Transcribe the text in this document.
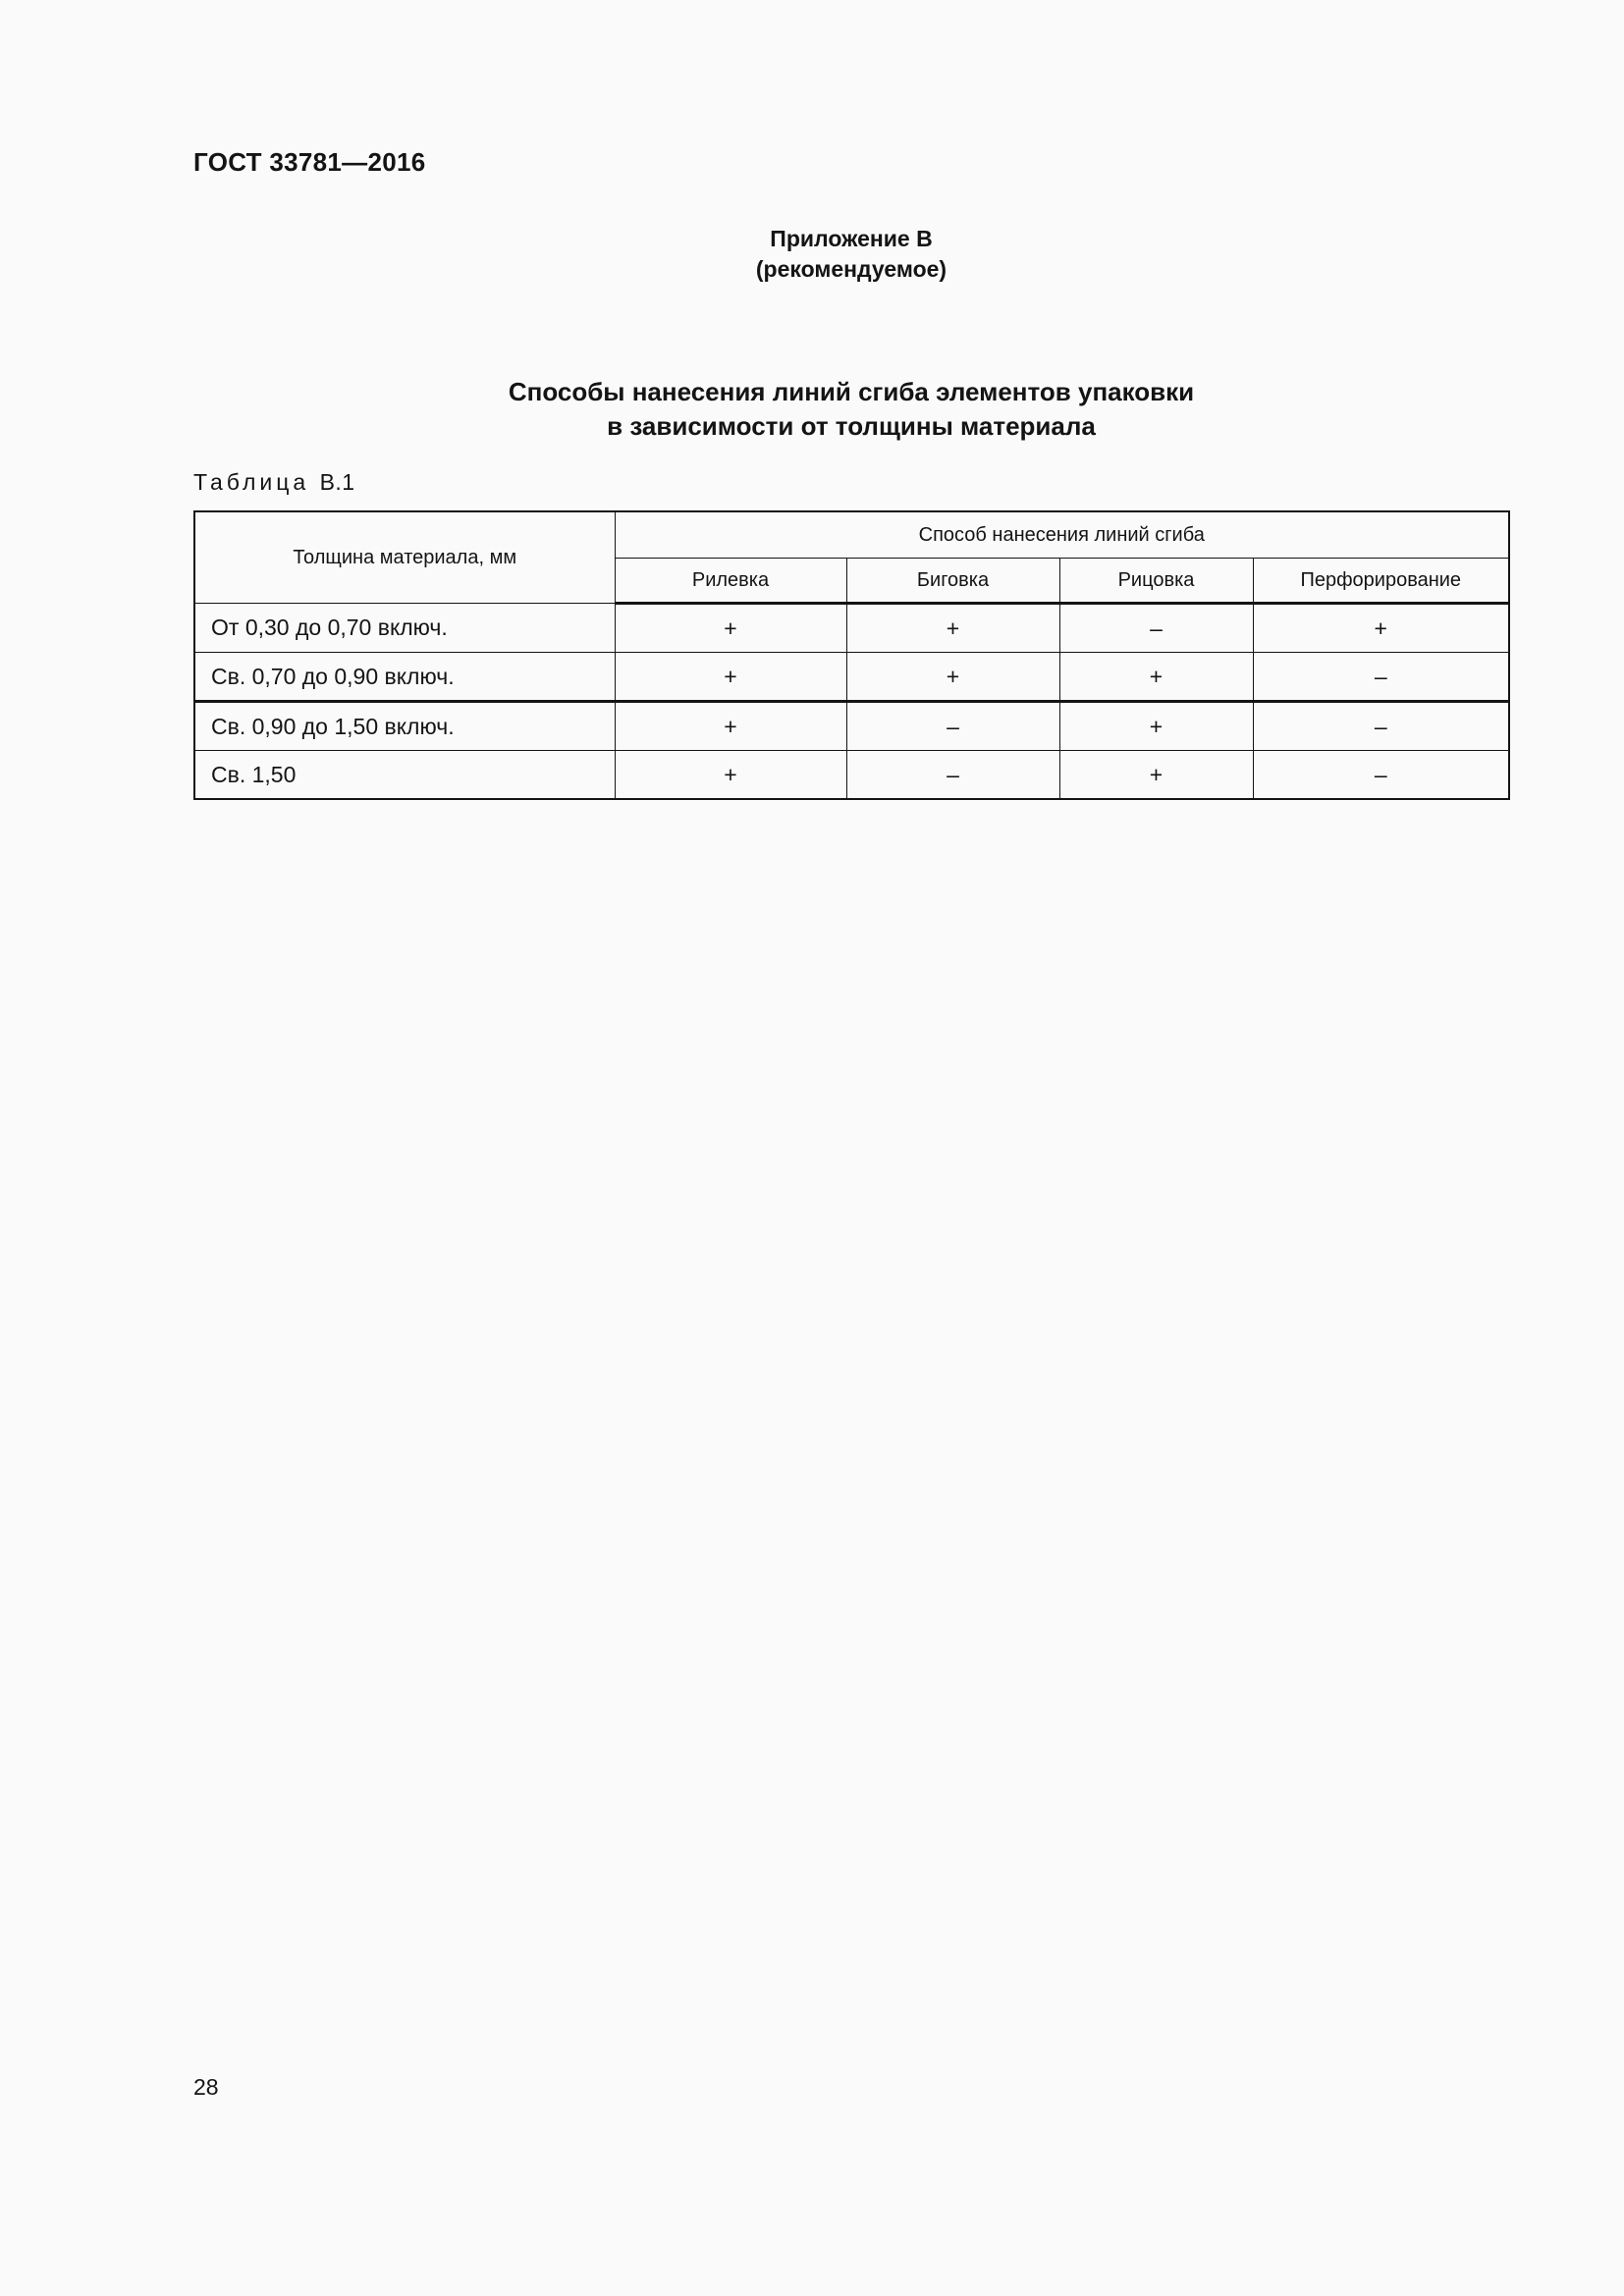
ГОСТ 33781—2016
Приложение В
(рекомендуемое)
Способы нанесения линий сгиба элементов упаковки
в зависимости от толщины материала
Таблица В.1
Толщина материала, мм	Способ нанесения линий сгиба			
	Рилевка	Биговка	Рицовка	Перфорирование
От 0,30 до 0,70 включ.	+	+	–	+
Св. 0,70 до 0,90 включ.	+	+	+	–
Св. 0,90 до 1,50 включ.	+	–	+	–
Св. 1,50	+	–	+	–
28
